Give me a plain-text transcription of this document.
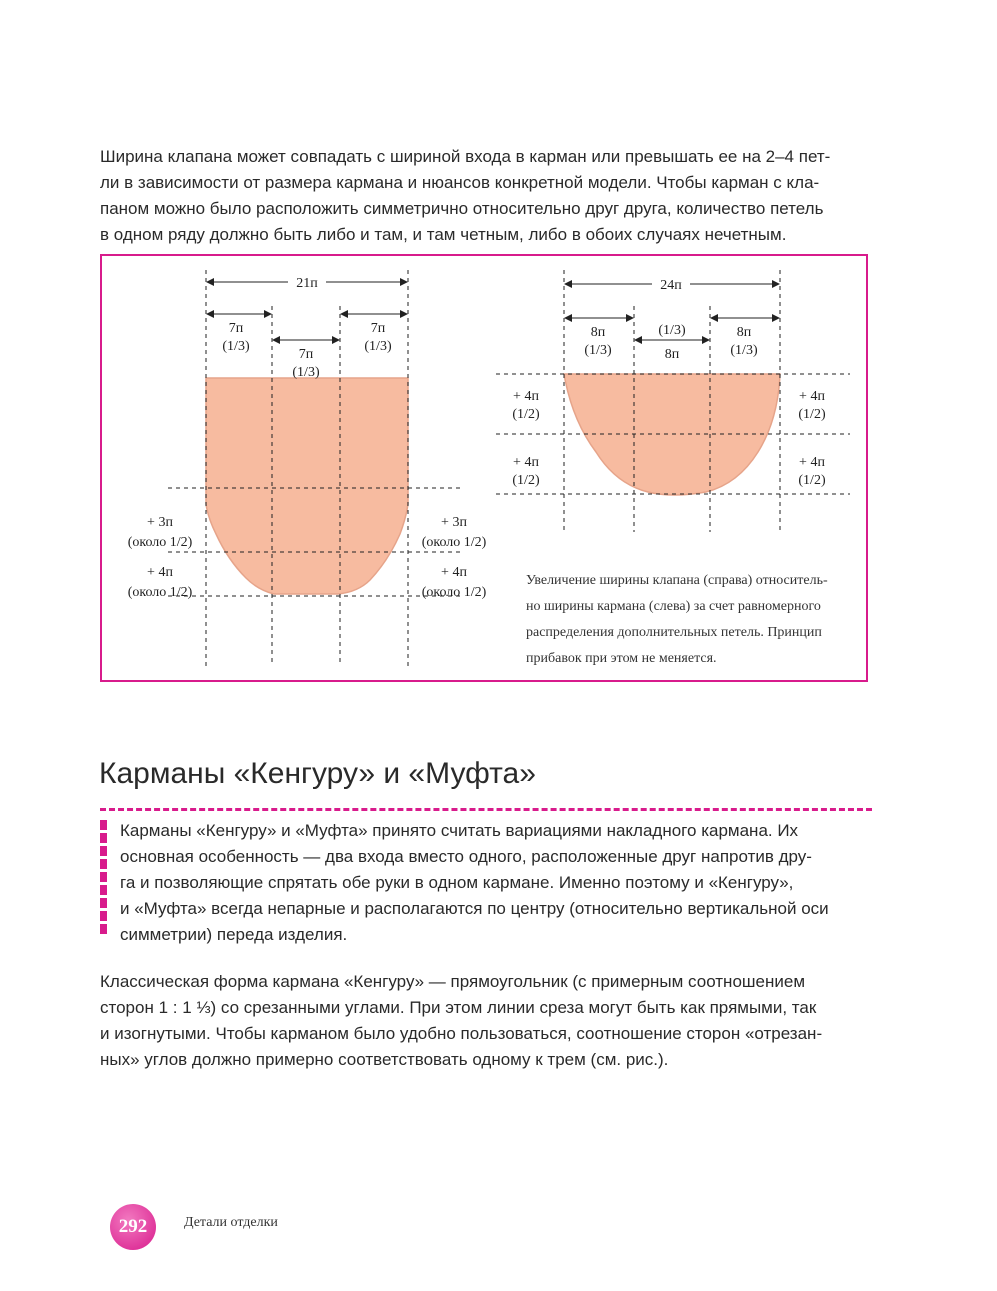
Ширина клапана может совпадать с шириной входа в карман или превышать ее на 2–4 пет-
ли в зависимости от размера кармана и нюансов конкретной модели. Чтобы карман с кла-
паном можно было расположить симметрично относительно друг друга, количество петель
в одном ряду должно быть либо и там, и там четным, либо в обоих случаях нечетным.
21п
7п
(1/3)
7п
(1/3)
7п
(1/3)
+ 3п
(около 1/2)
+ 4п
(около 1/2)
+ 3п
(около 1/2)
+ 4п
(около 1/2)
24п
8п
(1/3)
(1/3)
8п
8п
(1/3)
+ 4п
(1/2)
+ 4п
(1/2)
+ 4п
(1/2)
+ 4п
(1/2)
Увеличение ширины клапана (справа) относитель-
но ширины кармана (слева) за счет равномерного
распределения дополнительных петель. Принцип
прибавок при этом не меняется.
Карманы «Кенгуру» и «Муфта»
Карманы «Кенгуру» и «Муфта» принято считать вариациями накладного кармана. Их
основная особенность — два входа вместо одного, расположенные друг напротив дру-
га и позволяющие спрятать обе руки в одном кармане. Именно поэтому и «Кенгуру»,
и «Муфта» всегда непарные и располагаются по центру (относительно вертикальной оси
симметрии) переда изделия.
Классическая форма кармана «Кенгуру» — прямоугольник (с примерным соотношением
сторон 1 : 1 ⅓) со срезанными углами. При этом линии среза могут быть как прямыми, так
и изогнутыми. Чтобы карманом было удобно пользоваться, соотношение сторон «отрезан-
ных» углов должно примерно соответствовать одному к трем (см. рис.).
292	Детали отделки
